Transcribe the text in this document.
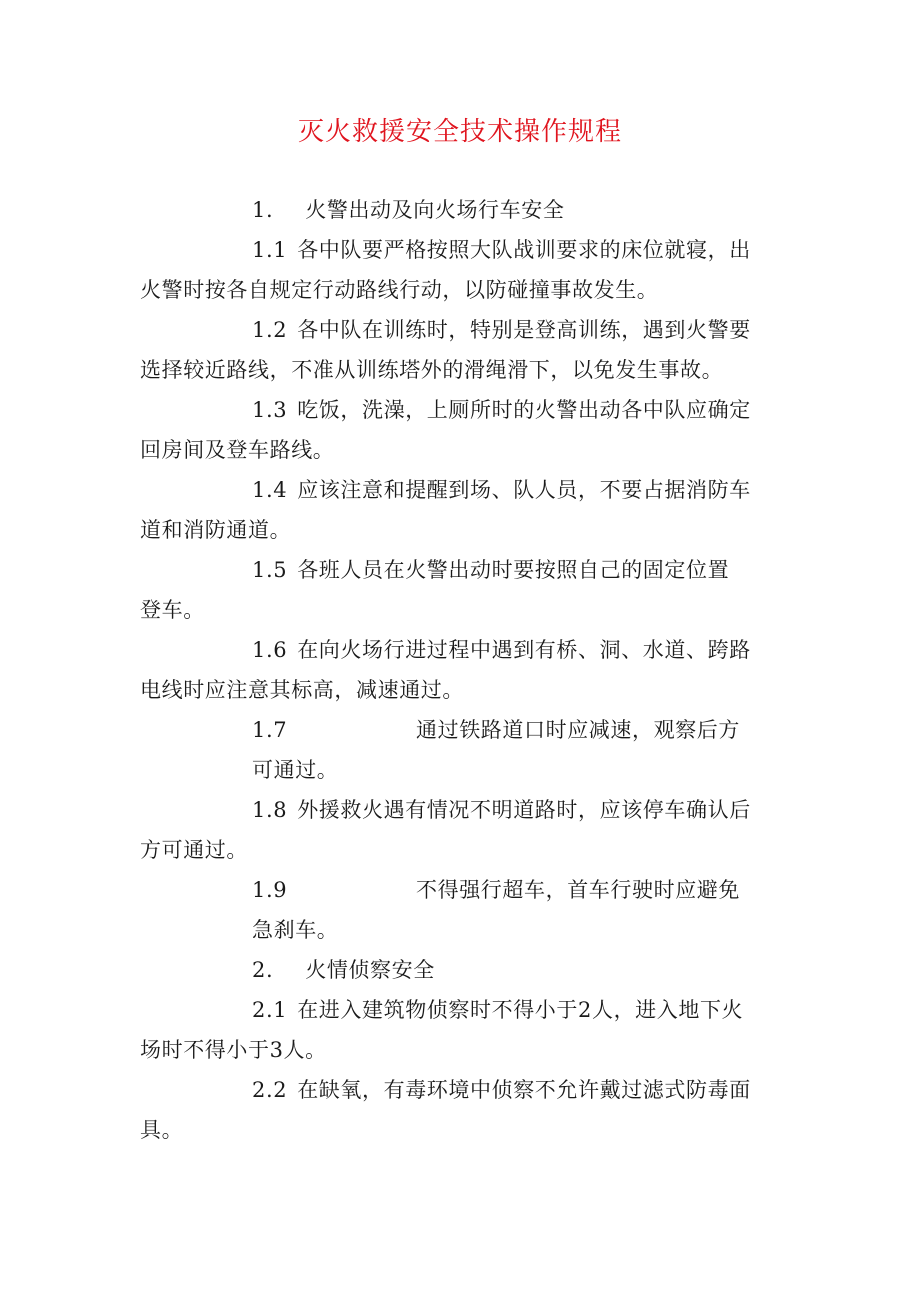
灭火救援安全技术操作规程
1. 火警出动及向火场行车安全
1.1 各中队要严格按照大队战训要求的床位就寝，出
火警时按各自规定行动路线行动，以防碰撞事故发生。
1.2 各中队在训练时，特别是登高训练，遇到火警要
选择较近路线，不准从训练塔外的滑绳滑下，以免发生事故。
1.3 吃饭，洗澡，上厕所时的火警出动各中队应确定
回房间及登车路线。
1.4 应该注意和提醒到场、队人员，不要占据消防车
道和消防通道。
1.5 各班人员在火警出动时要按照自己的固定位置
登车。
1.6 在向火场行进过程中遇到有桥、洞、水道、跨路
电线时应注意其标高，减速通过。
1.7	通过铁路道口时应减速，观察后方
可通过。
1.8 外援救火遇有情况不明道路时，应该停车确认后
方可通过。
1.9	不得强行超车，首车行驶时应避免
急刹车。
2. 火情侦察安全
2.1 在进入建筑物侦察时不得小于2人，进入地下火
场时不得小于3人。
2.2 在缺氧，有毒环境中侦察不允许戴过滤式防毒面
具。
